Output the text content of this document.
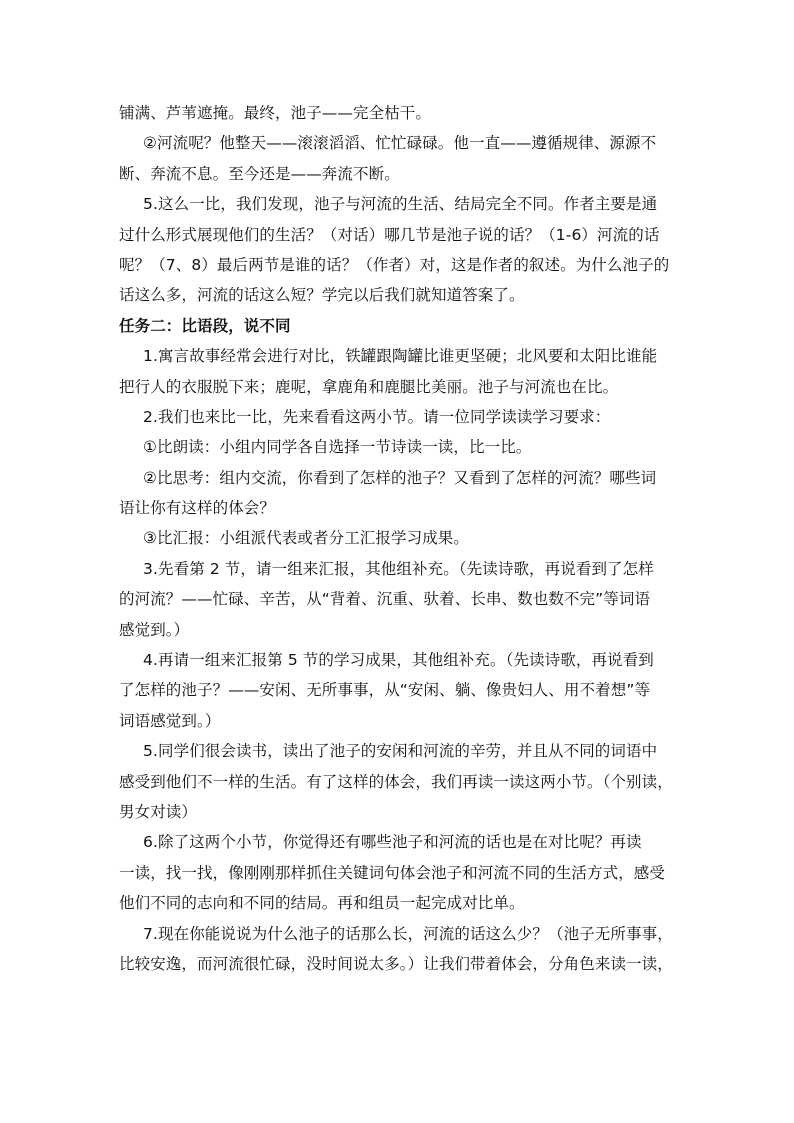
铺满、芦苇遮掩。最终，池子——完全枯干。
②河流呢？他整天——滚滚滔滔、忙忙碌碌。他一直——遵循规律、源源不
断、奔流不息。至今还是——奔流不断。
5.这么一比，我们发现，池子与河流的生活、结局完全不同。作者主要是通
过什么形式展现他们的生活？（对话）哪几节是池子说的话？（1-6）河流的话
呢？（7、8）最后两节是谁的话？（作者）对，这是作者的叙述。为什么池子的
话这么多，河流的话这么短？学完以后我们就知道答案了。
任务二：比语段，说不同
1.寓言故事经常会进行对比，铁罐跟陶罐比谁更坚硬；北风要和太阳比谁能
把行人的衣服脱下来；鹿呢，拿鹿角和鹿腿比美丽。池子与河流也在比。
2.我们也来比一比，先来看看这两小节。请一位同学读读学习要求：
①比朗读：小组内同学各自选择一节诗读一读，比一比。
②比思考：组内交流，你看到了怎样的池子？又看到了怎样的河流？哪些词
语让你有这样的体会？
③比汇报：小组派代表或者分工汇报学习成果。
3.先看第 2 节，请一组来汇报，其他组补充。（先读诗歌，再说看到了怎样
的河流？——忙碌、辛苦，从“背着、沉重、驮着、长串、数也数不完”等词语
感觉到。）
4.再请一组来汇报第 5 节的学习成果，其他组补充。（先读诗歌，再说看到
了怎样的池子？——安闲、无所事事，从“安闲、躺、像贵妇人、用不着想”等
词语感觉到。）
5.同学们很会读书，读出了池子的安闲和河流的辛劳，并且从不同的词语中
感受到他们不一样的生活。有了这样的体会，我们再读一读这两小节。（个别读，
男女对读）
6.除了这两个小节，你觉得还有哪些池子和河流的话也是在对比呢？再读
一读，找一找，像刚刚那样抓住关键词句体会池子和河流不同的生活方式，感受
他们不同的志向和不同的结局。再和组员一起完成对比单。
7.现在你能说说为什么池子的话那么长，河流的话这么少？（池子无所事事，
比较安逸，而河流很忙碌，没时间说太多。）让我们带着体会，分角色来读一读，
